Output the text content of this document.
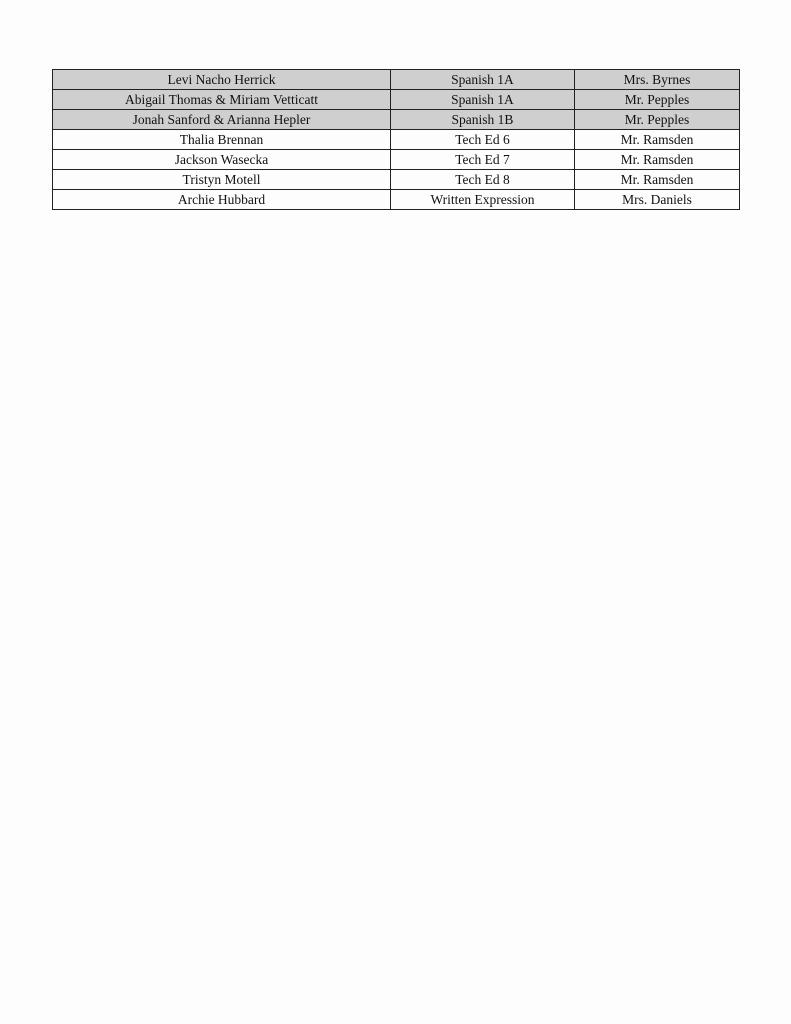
Levi Nacho Herrick	Spanish 1A	Mrs. Byrnes
Abigail Thomas & Miriam Vetticatt	Spanish 1A	Mr. Pepples
Jonah Sanford & Arianna Hepler	Spanish 1B	Mr. Pepples
Thalia Brennan	Tech Ed 6	Mr. Ramsden
Jackson Wasecka	Tech Ed 7	Mr. Ramsden
Tristyn Motell	Tech Ed 8	Mr. Ramsden
Archie Hubbard	Written Expression	Mrs. Daniels
